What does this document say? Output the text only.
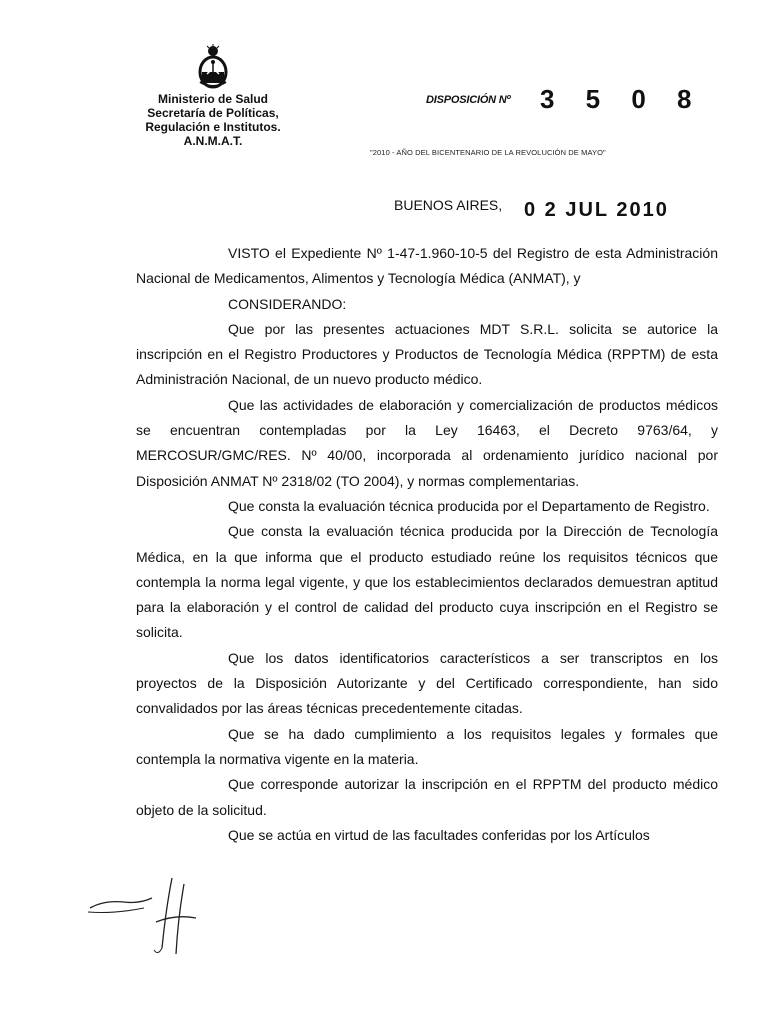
Ministerio de Salud
Secretaría de Políticas,
Regulación e Institutos.
A.N.M.A.T.
DISPOSICIÓN Nº 3 5 0 8
"2010 - AÑO DEL BICENTENARIO DE LA REVOLUCIÓN DE MAYO"
BUENOS AIRES, 0 2 JUL 2010

VISTO el Expediente Nº 1-47-1.960-10-5 del Registro de esta Administración Nacional de Medicamentos, Alimentos y Tecnología Médica (ANMAT), y

CONSIDERANDO:

Que por las presentes actuaciones MDT S.R.L. solicita se autorice la inscripción en el Registro Productores y Productos de Tecnología Médica (RPPTM) de esta Administración Nacional, de un nuevo producto médico.

Que las actividades de elaboración y comercialización de productos médicos se encuentran contempladas por la Ley 16463, el Decreto 9763/64, y MERCOSUR/GMC/RES. Nº 40/00, incorporada al ordenamiento jurídico nacional por Disposición ANMAT Nº 2318/02 (TO 2004), y normas complementarias.

Que consta la evaluación técnica producida por el Departamento de Registro.

Que consta la evaluación técnica producida por la Dirección de Tecnología Médica, en la que informa que el producto estudiado reúne los requisitos técnicos que contempla la norma legal vigente, y que los establecimientos declarados demuestran aptitud para la elaboración y el control de calidad del producto cuya inscripción en el Registro se solicita.

Que los datos identificatorios característicos a ser transcriptos en los proyectos de la Disposición Autorizante y del Certificado correspondiente, han sido convalidados por las áreas técnicas precedentemente citadas.

Que se ha dado cumplimiento a los requisitos legales y formales que contempla la normativa vigente en la materia.

Que corresponde autorizar la inscripción en el RPPTM del producto médico objeto de la solicitud.

Que se actúa en virtud de las facultades conferidas por los Artículos
